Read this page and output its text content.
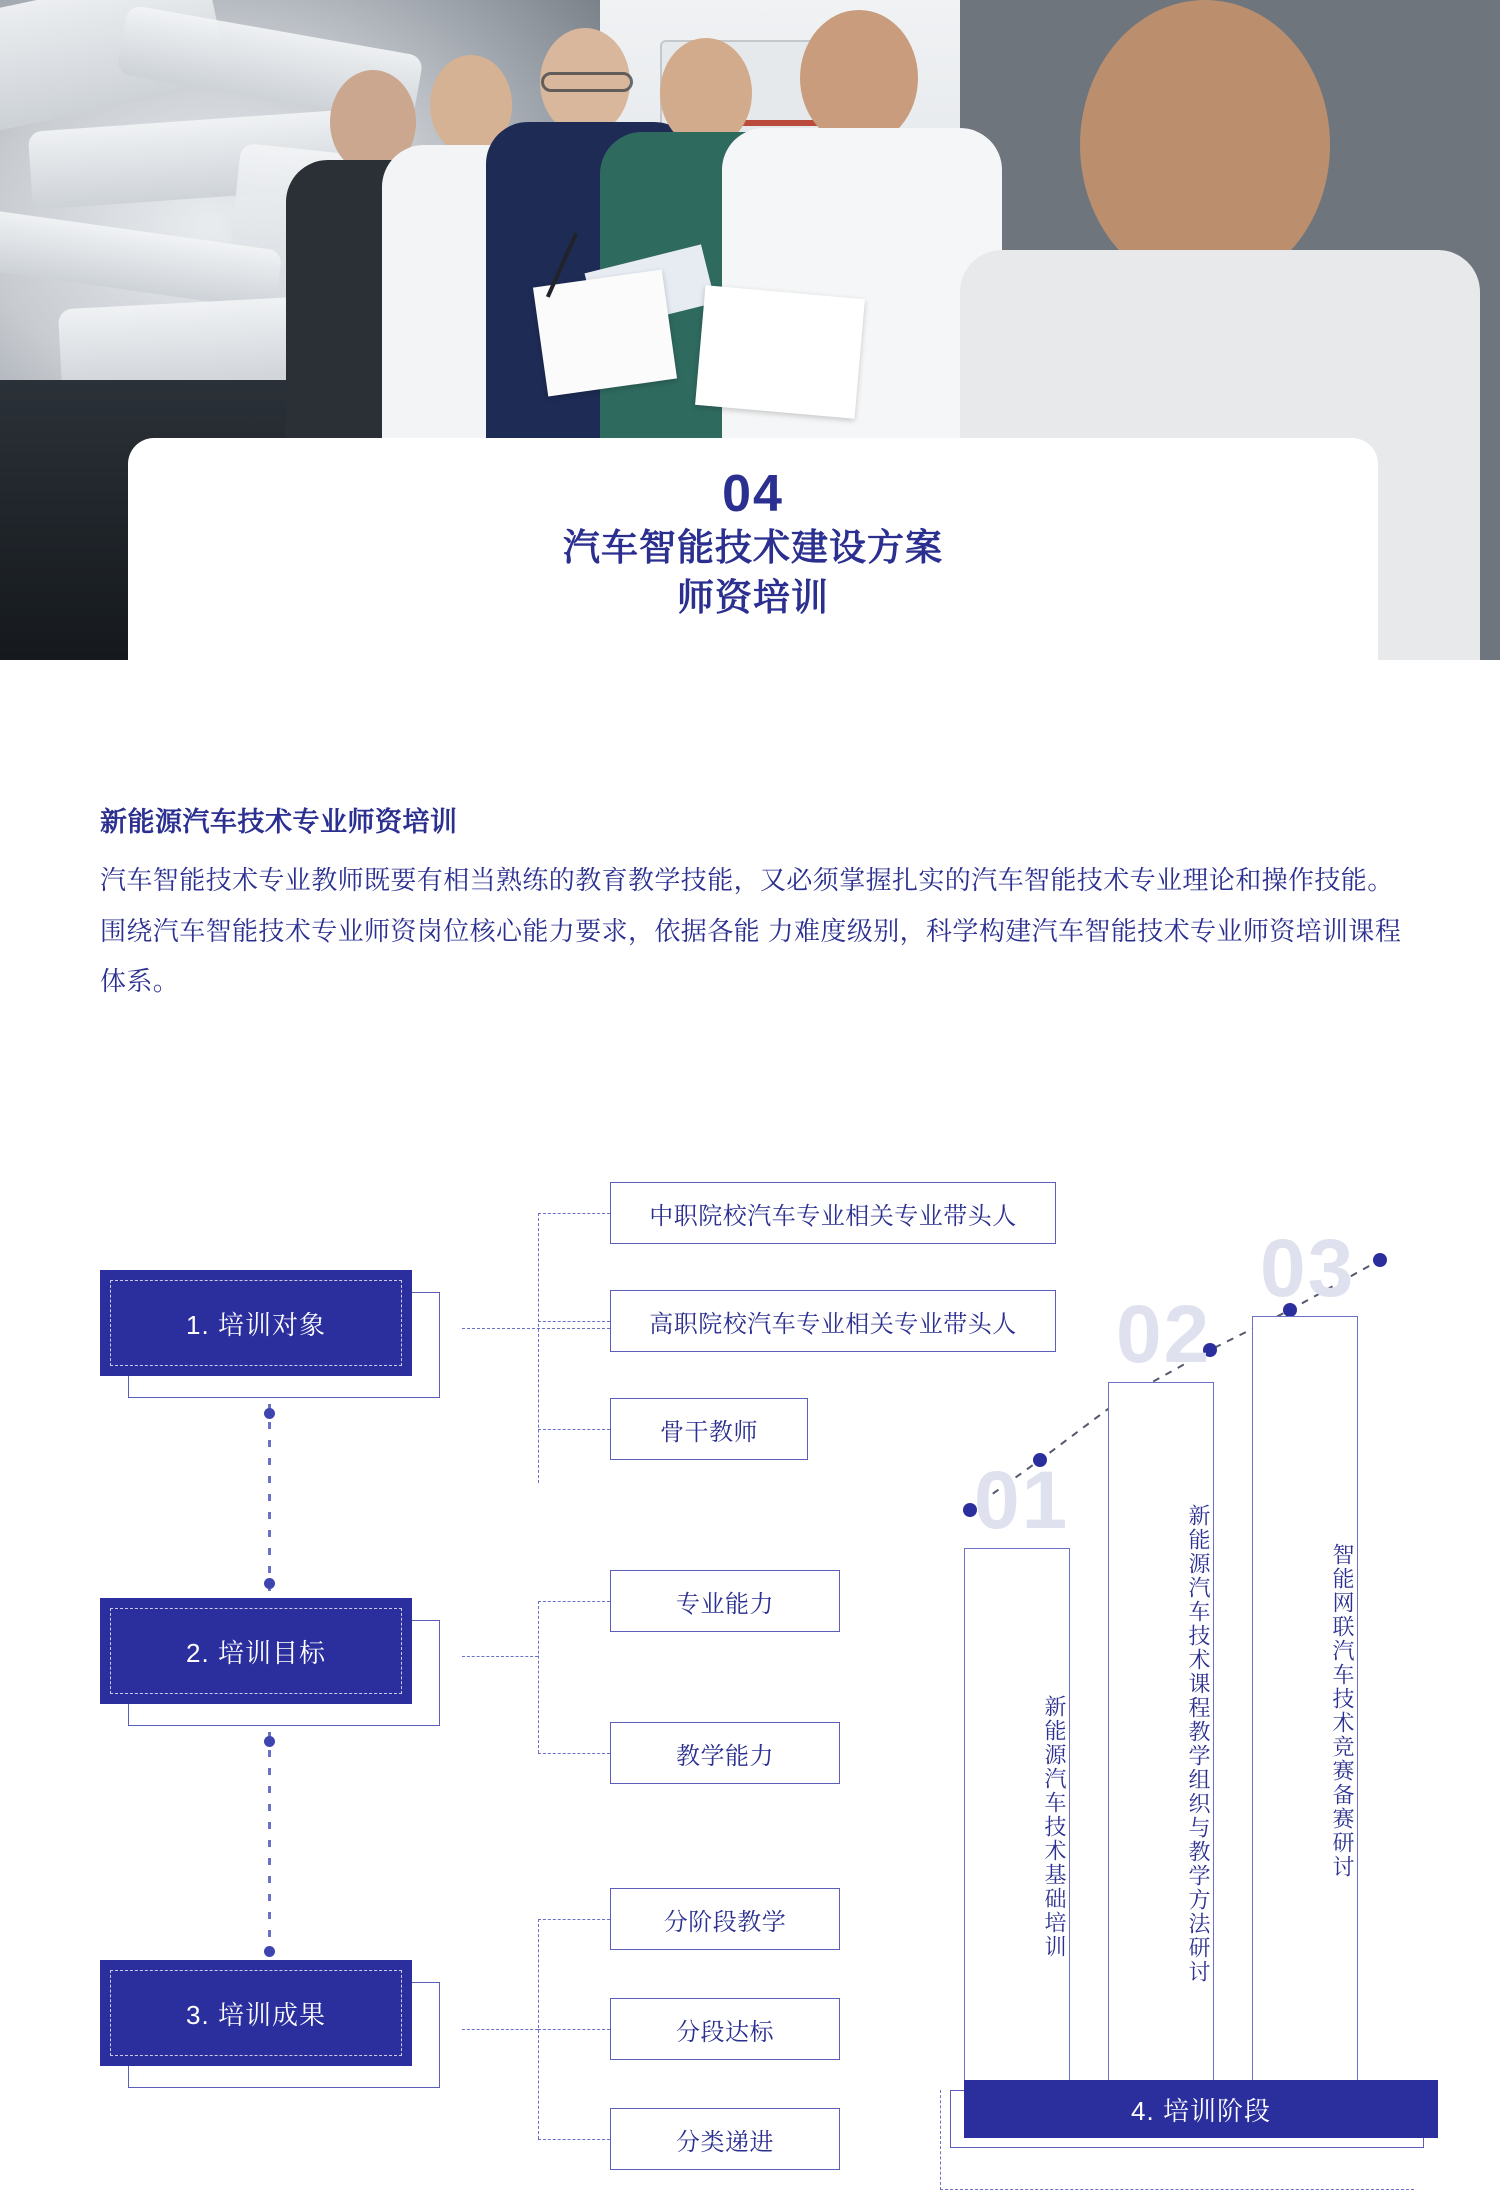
04
汽车智能技术建设方案
师资培训
新能源汽车技术专业师资培训
汽车智能技术专业教师既要有相当熟练的教育教学技能，又必须掌握扎实的汽车智能技术专业理论和操作技能。围绕汽车智能技术专业师资岗位核心能力要求，依据各能 力难度级别，科学构建汽车智能技术专业师资培训课程体系。
1. 培训对象
2. 培训目标
3. 培训成果
中职院校汽车专业相关专业带头人
高职院校汽车专业相关专业带头人
骨干教师
专业能力
教学能力
分阶段教学
分段达标
分类递进
01
02
03
新能源汽车技术基础培训	新能源汽车技术课程教学组织与教学方法研讨	智能网联汽车技术竞赛备赛研讨
4. 培训阶段
